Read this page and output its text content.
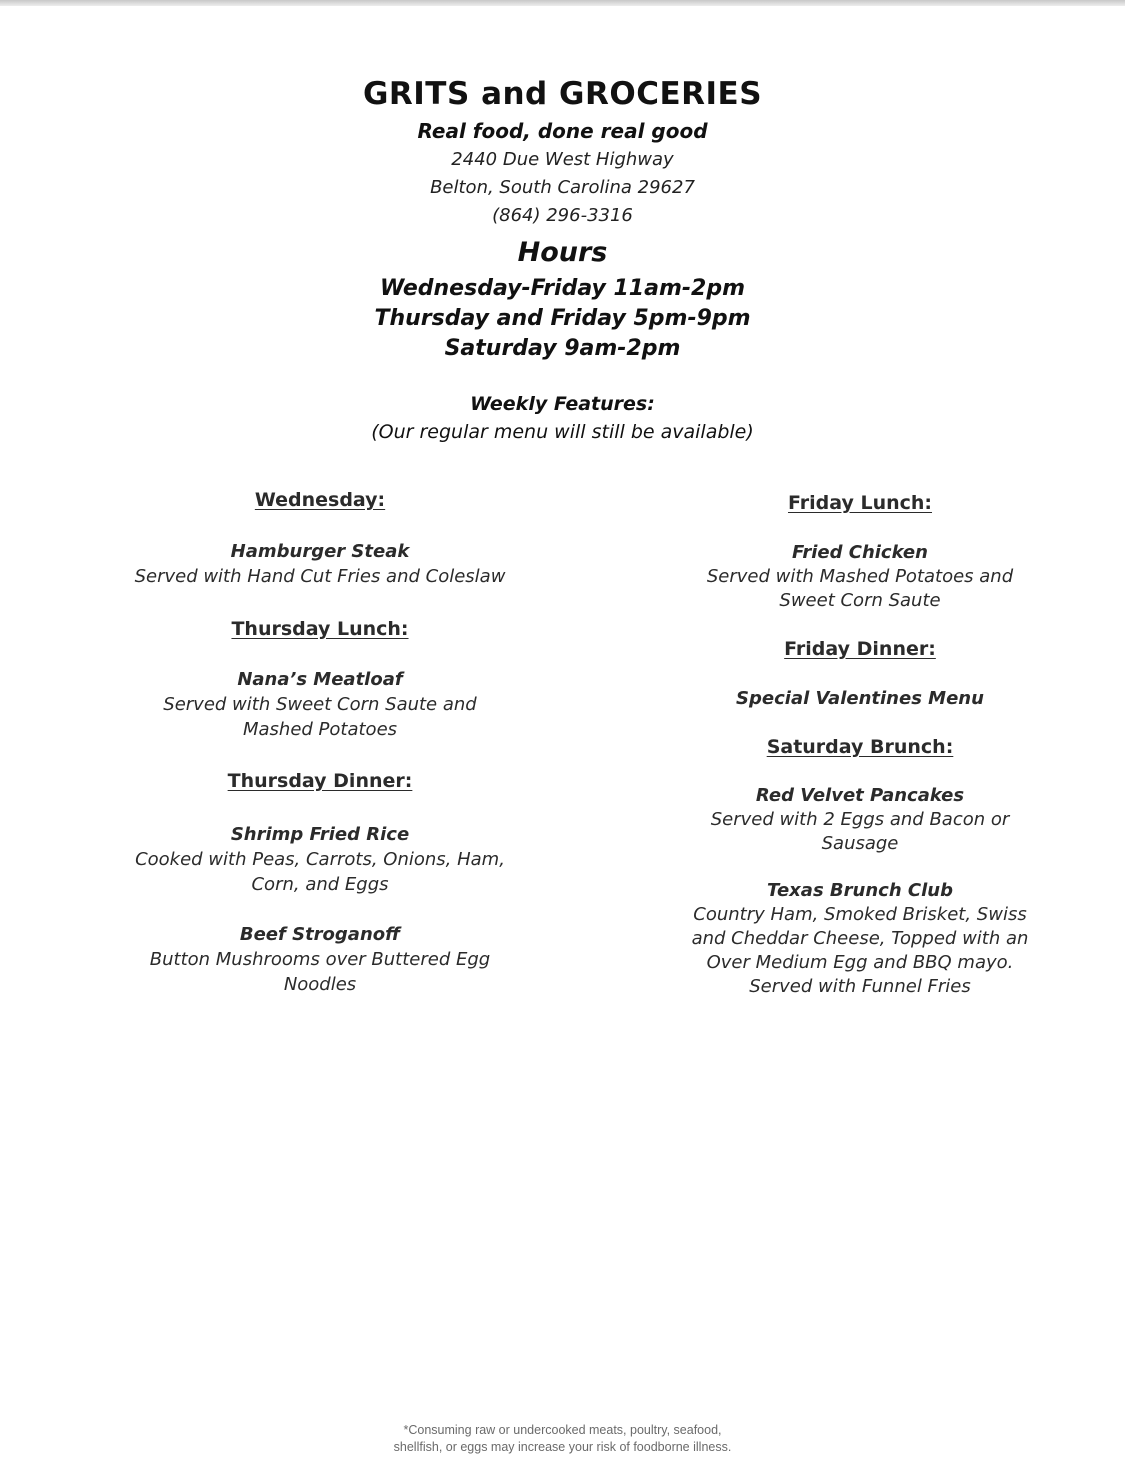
GRITS and GROCERIES
Real food, done real good
2440 Due West Highway
Belton, South Carolina 29627
(864) 296-3316
Hours
Wednesday-Friday 11am-2pm
Thursday and Friday 5pm-9pm
Saturday 9am-2pm
Weekly Features:
(Our regular menu will still be available)
Wednesday:
Hamburger Steak
Served with Hand Cut Fries and Coleslaw
Thursday Lunch:
Nana’s Meatloaf
Served with Sweet Corn Saute and
Mashed Potatoes
Thursday Dinner:
Shrimp Fried Rice
Cooked with Peas, Carrots, Onions, Ham,
Corn, and Eggs
Beef Stroganoff
Button Mushrooms over Buttered Egg
Noodles
Friday Lunch:
Fried Chicken
Served with Mashed Potatoes and
Sweet Corn Saute
Friday Dinner:
Special Valentines Menu
Saturday Brunch:
Red Velvet Pancakes
Served with 2 Eggs and Bacon or
Sausage
Texas Brunch Club
Country Ham, Smoked Brisket, Swiss
and Cheddar Cheese, Topped with an
Over Medium Egg and BBQ mayo.
Served with Funnel Fries
*Consuming raw or undercooked meats, poultry, seafood,
shellfish, or eggs may increase your risk of foodborne illness.
